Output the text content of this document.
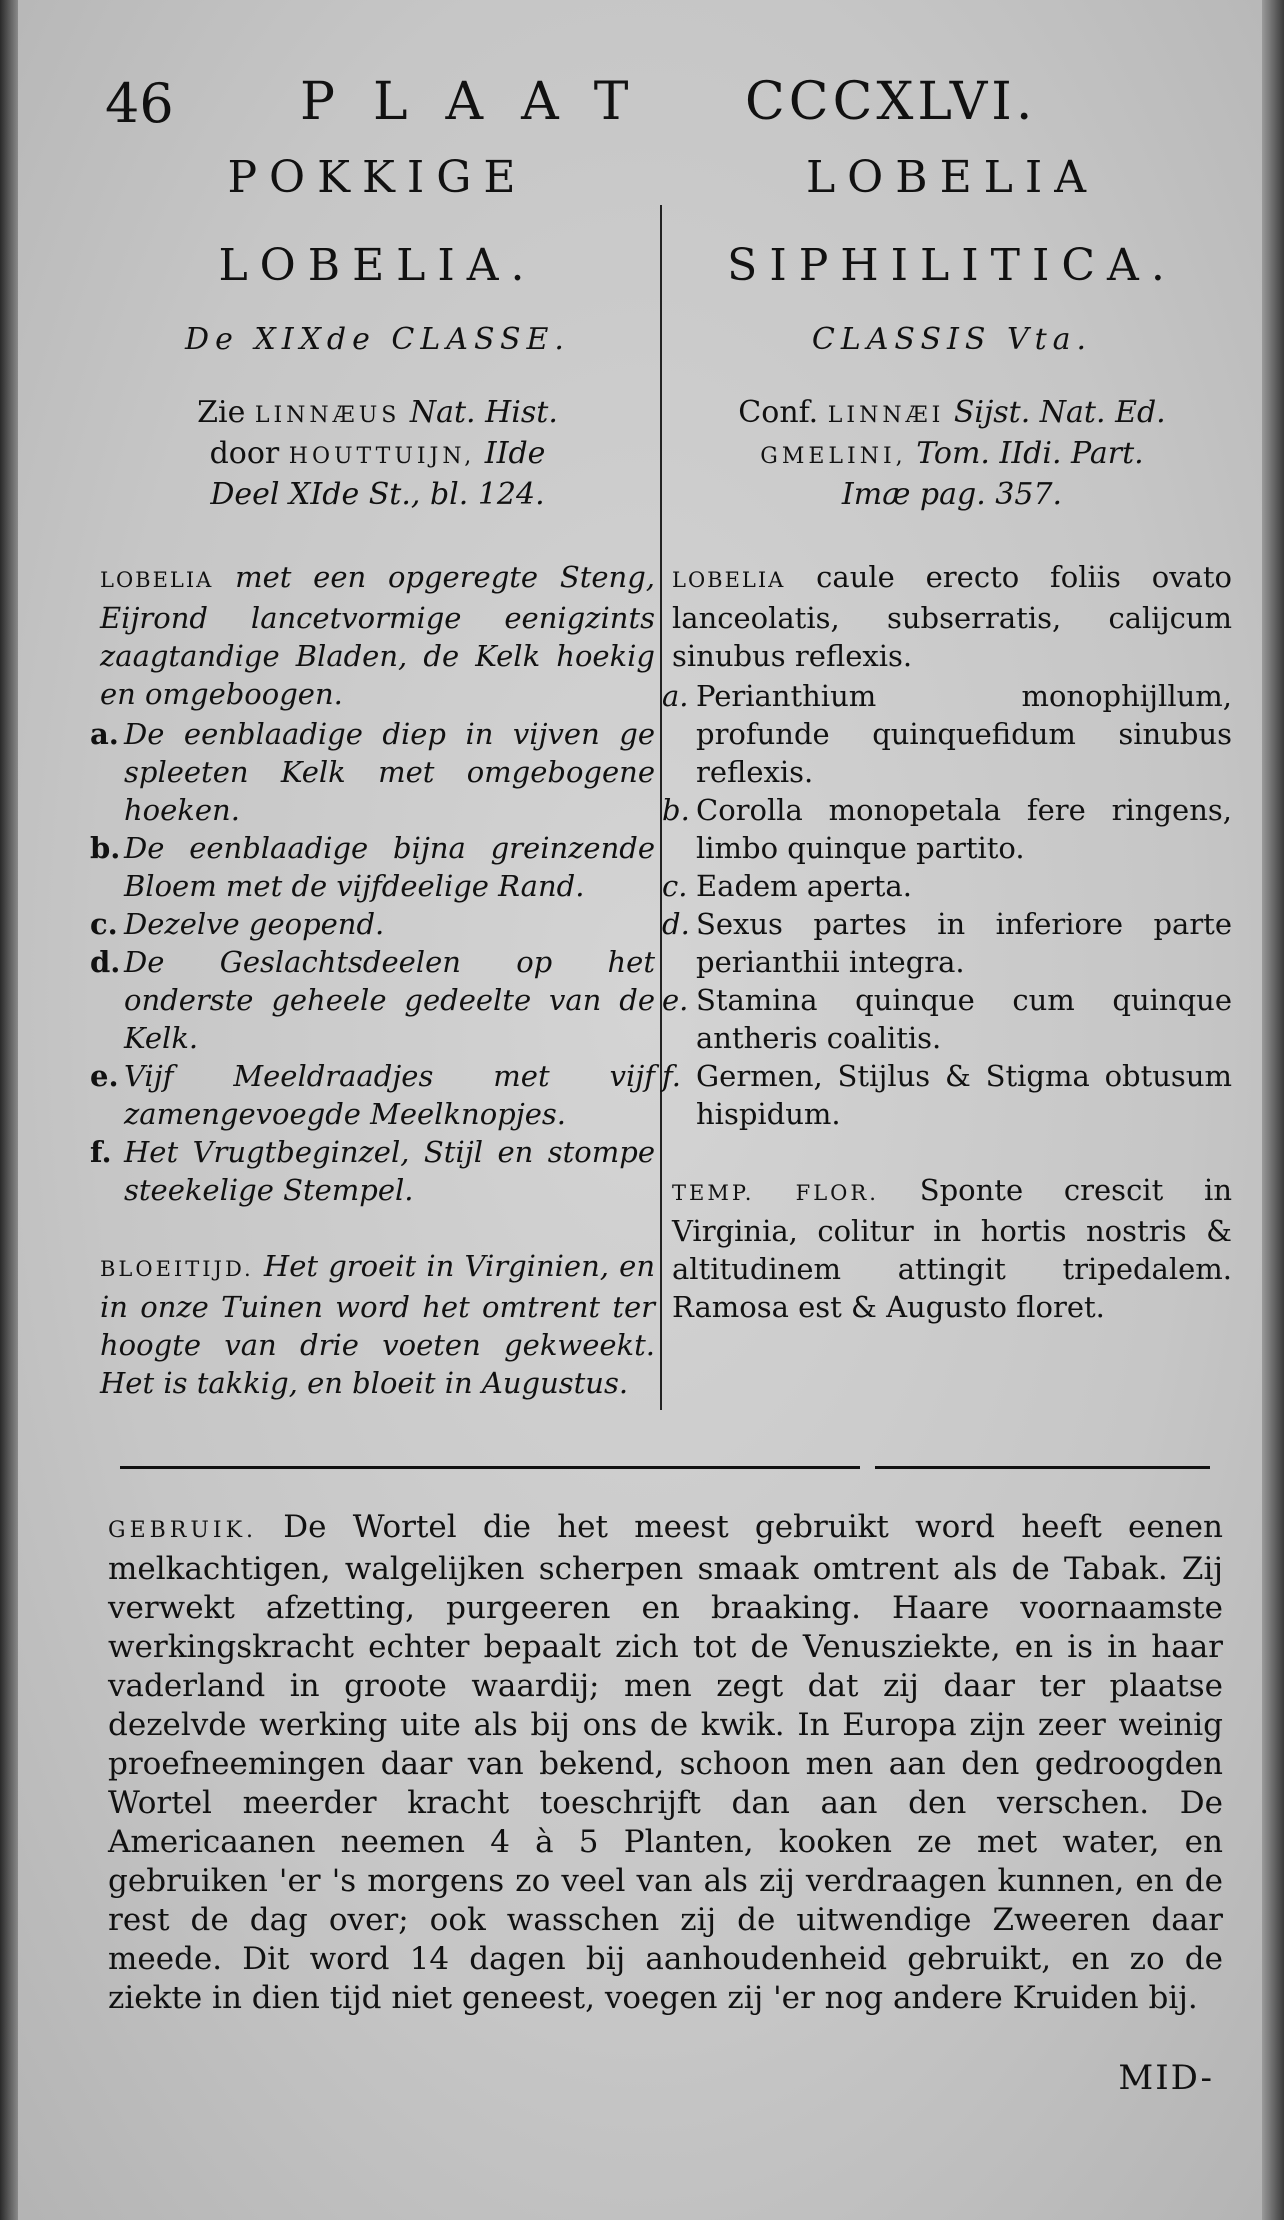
46 PLAAT CCCXLVI.
POKKIGE
LOBELIA.
De XIXde CLASSE.
Zie LINNÆUS Nat. Hist.
door HOUTTUIJN, IIde
Deel XIde St., bl. 124.
LOBELIA met een opgeregte Steng, Eijrond lancetvormige eenigzints zaagtandige Bladen, de Kelk hoekig en omgeboogen.
a. De eenblaadige diep in vijven ge spleeten Kelk met omgebogene hoeken.
b. De eenblaadige bijna greinzende Bloem met de vijfdeelige Rand.
c. Dezelve geopend.
d. De Geslachtsdeelen op het onderste geheele gedeelte van de Kelk.
e. Vijf Meeldraadjes met vijf zamengevoegde Meelknopjes.
f. Het Vrugtbeginzel, Stijl en stompe steekelige Stempel.
BLOEITIJD. Het groeit in Virginien, en in onze Tuinen word het omtrent ter hoogte van drie voeten gekweekt. Het is takkig, en bloeit in Augustus.
LOBELIA
SIPHILITICA.
CLASSIS Vta.
Conf. LINNÆI Sijst. Nat. Ed.
GMELINI, Tom. IIdi. Part.
Imæ pag. 357.
LOBELIA caule erecto foliis ovato lanceolatis, subserratis, calijcum sinubus reflexis.
a. Perianthium monophijllum, profunde quinquefidum sinubus reflexis.
b. Corolla monopetala fere ringens, limbo quinque partito.
c. Eadem aperta.
d. Sexus partes in inferiore parte perianthii integra.
e. Stamina quinque cum quinque antheris coalitis.
f. Germen, Stijlus & Stigma obtusum hispidum.
TEMP. FLOR. Sponte crescit in Virginia, colitur in hortis nostris & altitudinem attingit tripedalem. Ramosa est & Augusto floret.
GEBRUIK. De Wortel die het meest gebruikt word heeft eenen melkachtigen, walgelijken scherpen smaak omtrent als de Tabak. Zij verwekt afzetting, purgeeren en braaking. Haare voornaamste werkingskracht echter bepaalt zich tot de Venusziekte, en is in haar vaderland in groote waardij; men zegt dat zij daar ter plaatse dezelvde werking uite als bij ons de kwik. In Europa zijn zeer weinig proefneemingen daar van bekend, schoon men aan den gedroogden Wortel meerder kracht toeschrijft dan aan den verschen. De Americaanen neemen 4 à 5 Planten, kooken ze met water, en gebruiken 'er 's morgens zo veel van als zij verdraagen kunnen, en de rest de dag over; ook wasschen zij de uitwendige Zweeren daar meede. Dit word 14 dagen bij aanhoudenheid gebruikt, en zo de ziekte in dien tijd niet geneest, voegen zij 'er nog andere Kruiden bij.
MID-
